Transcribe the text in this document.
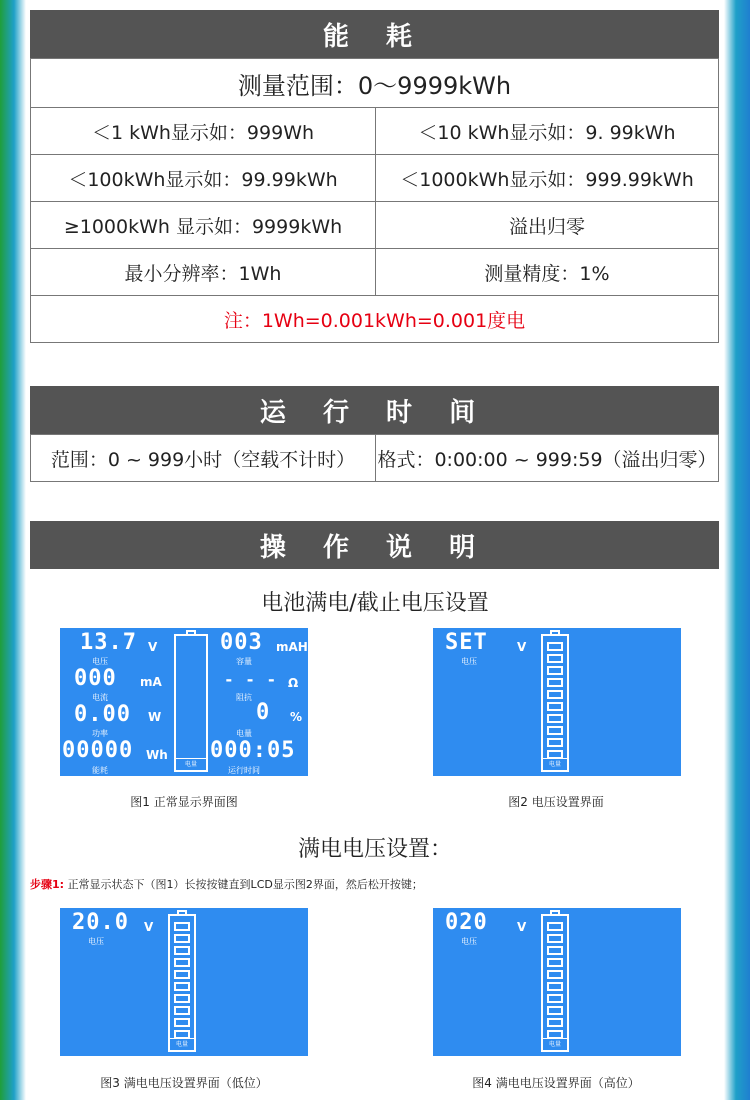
能 耗
测量范围：0〜9999kWh	
＜1 kWh显示如：999Wh	＜10 kWh显示如：9. 99kWh
＜100kWh显示如：99.99kWh	＜1000kWh显示如：999.99kWh
≥1000kWh 显示如：9999kWh	溢出归零
最小分辨率：1Wh	测量精度：1%
注：1Wh=0.001kWh=0.001度电	
运 行 时 间
范围：0 ~ 999小时（空载不计时）	格式：0:00:00 ~ 999:59（溢出归零）
操 作 说 明
电池满电/截止电压设置
13.7 V
电压
000 mA
电流
0.00 W
功率
00000 Wh
能耗
电量
003 mAH
容量
- - - Ω
阻抗
0 %
电量
000:05
运行时间
图1 正常显示界面图
SET V
电压
电量
图2 电压设置界面
满电电压设置：
步骤1: 正常显示状态下（图1）长按按键直到LCD显示图2界面，然后松开按键；
20.0 V
电压
电量
图3 满电电压设置界面（低位）
020 V
电压
电量
图4 满电电压设置界面（高位）
